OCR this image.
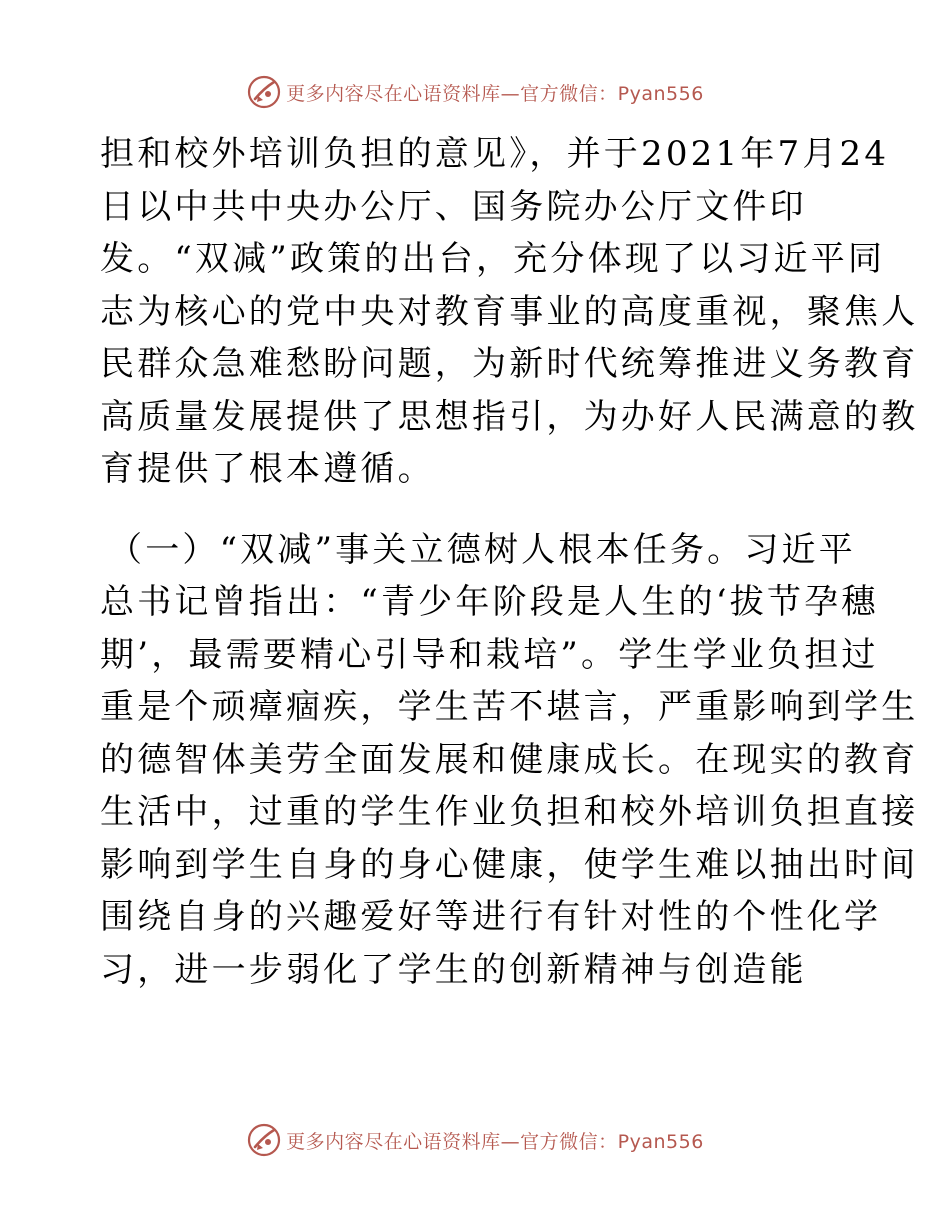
更多内容尽在心语资料库—官方微信：Pyan556
担和校外培训负担的意见》，并于2021年7月24
日以中共中央办公厅、国务院办公厅文件印
发。“双减”政策的出台，充分体现了以习近平同
志为核心的党中央对教育事业的高度重视，聚焦人
民群众急难愁盼问题，为新时代统筹推进义务教育
高质量发展提供了思想指引，为办好人民满意的教
育提供了根本遵循。
（一）“双减”事关立德树人根本任务。习近平
总书记曾指出：“青少年阶段是人生的‘拔节孕穗
期’，最需要精心引导和栽培”。学生学业负担过
重是个顽瘴痼疾，学生苦不堪言，严重影响到学生
的德智体美劳全面发展和健康成长。在现实的教育
生活中，过重的学生作业负担和校外培训负担直接
影响到学生自身的身心健康，使学生难以抽出时间
围绕自身的兴趣爱好等进行有针对性的个性化学
习，进一步弱化了学生的创新精神与创造能
更多内容尽在心语资料库—官方微信：Pyan556
